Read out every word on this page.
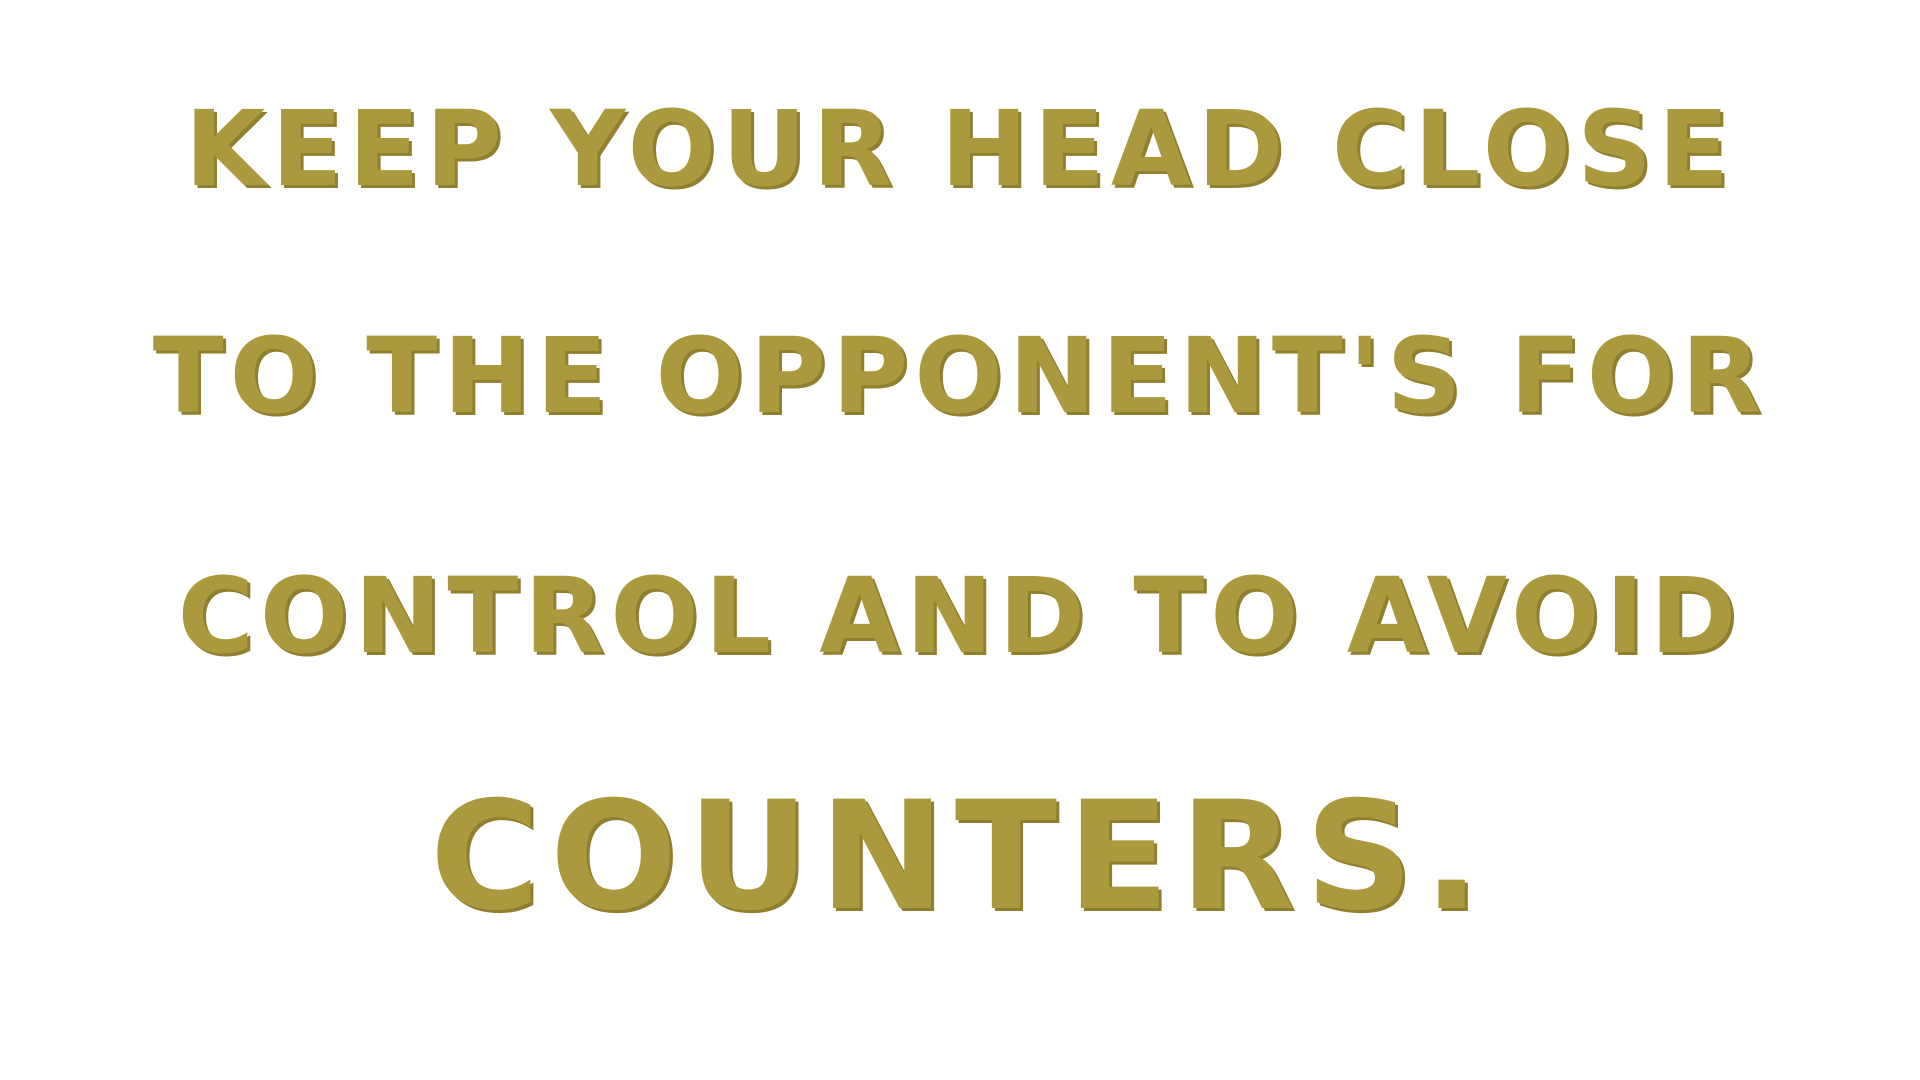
KEEP YOUR HEAD CLOSE
TO THE OPPONENT'S FOR
CONTROL AND TO AVOID
COUNTERS.
